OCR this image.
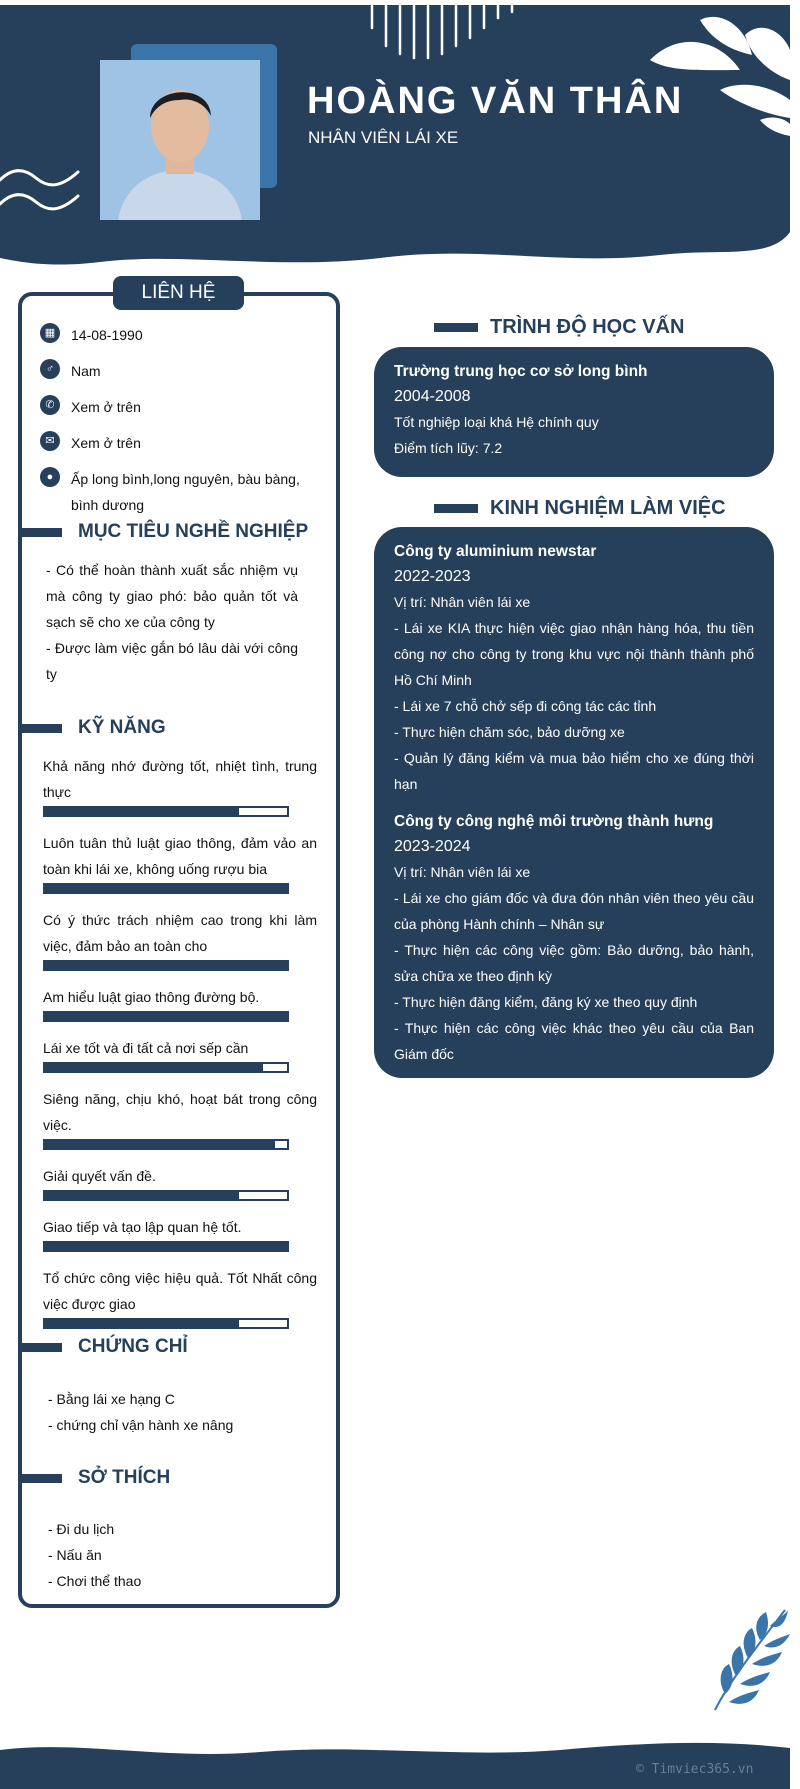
HOÀNG VĂN THÂN
NHÂN VIÊN LÁI XE
LIÊN HỆ
▦	14-08-1990
♂	Nam
✆	Xem ở trên
✉	Xem ở trên
●	Ấp long bình,long nguyên, bàu bàng, bình dương
MỤC TIÊU NGHỀ NGHIỆP
- Có thể hoàn thành xuất sắc nhiệm vụ mà công ty giao phó: bảo quản tốt và sạch sẽ cho xe của công ty
- Được làm việc gắn bó lâu dài với công ty
KỸ NĂNG
Khả năng nhớ đường tốt, nhiệt tình, trung thực
Luôn tuân thủ luật giao thông, đảm vảo an toàn khi lái xe, không uống rượu bia
Có ý thức trách nhiệm cao trong khi làm việc, đảm bảo an toàn cho
Am hiểu luật giao thông đường bộ.
Lái xe tốt và đi tất cả nơi sếp cần
Siêng năng, chịu khó, hoạt bát trong công việc.
Giải quyết vấn đề.
Giao tiếp và tạo lập quan hệ tốt.
Tổ chức công việc hiệu quả. Tốt Nhất công việc được giao
CHỨNG CHỈ
- Bằng lái xe hạng C
- chứng chỉ vận hành xe nâng
SỞ THÍCH
- Đi du lịch
- Nấu ăn
- Chơi thể thao
TRÌNH ĐỘ HỌC VẤN
Trường trung học cơ sở long bình
2004-2008
Tốt nghiệp loại khá Hệ chính quy
Điểm tích lũy: 7.2
KINH NGHIỆM LÀM VIỆC
Công ty aluminium newstar
2022-2023
Vị trí: Nhân viên lái xe
- Lái xe KIA thực hiện việc giao nhận hàng hóa, thu tiền công nợ cho công ty trong khu vực nội thành thành phố Hồ Chí Minh
- Lái xe 7 chỗ chở sếp đi công tác các tỉnh
- Thực hiện chăm sóc, bảo dưỡng xe
- Quản lý đăng kiểm và mua bảo hiểm cho xe đúng thời hạn
Công ty công nghệ môi trường thành hưng
2023-2024
Vị trí: Nhân viên lái xe
- Lái xe cho giám đốc và đưa đón nhân viên theo yêu cầu của phòng Hành chính – Nhân sự
- Thực hiện các công việc gồm: Bảo dưỡng, bảo hành, sửa chữa xe theo định kỳ
- Thực hiện đăng kiểm, đăng ký xe theo quy định
- Thực hiện các công việc khác theo yêu cầu của Ban Giám đốc
© Timviec365.vn
